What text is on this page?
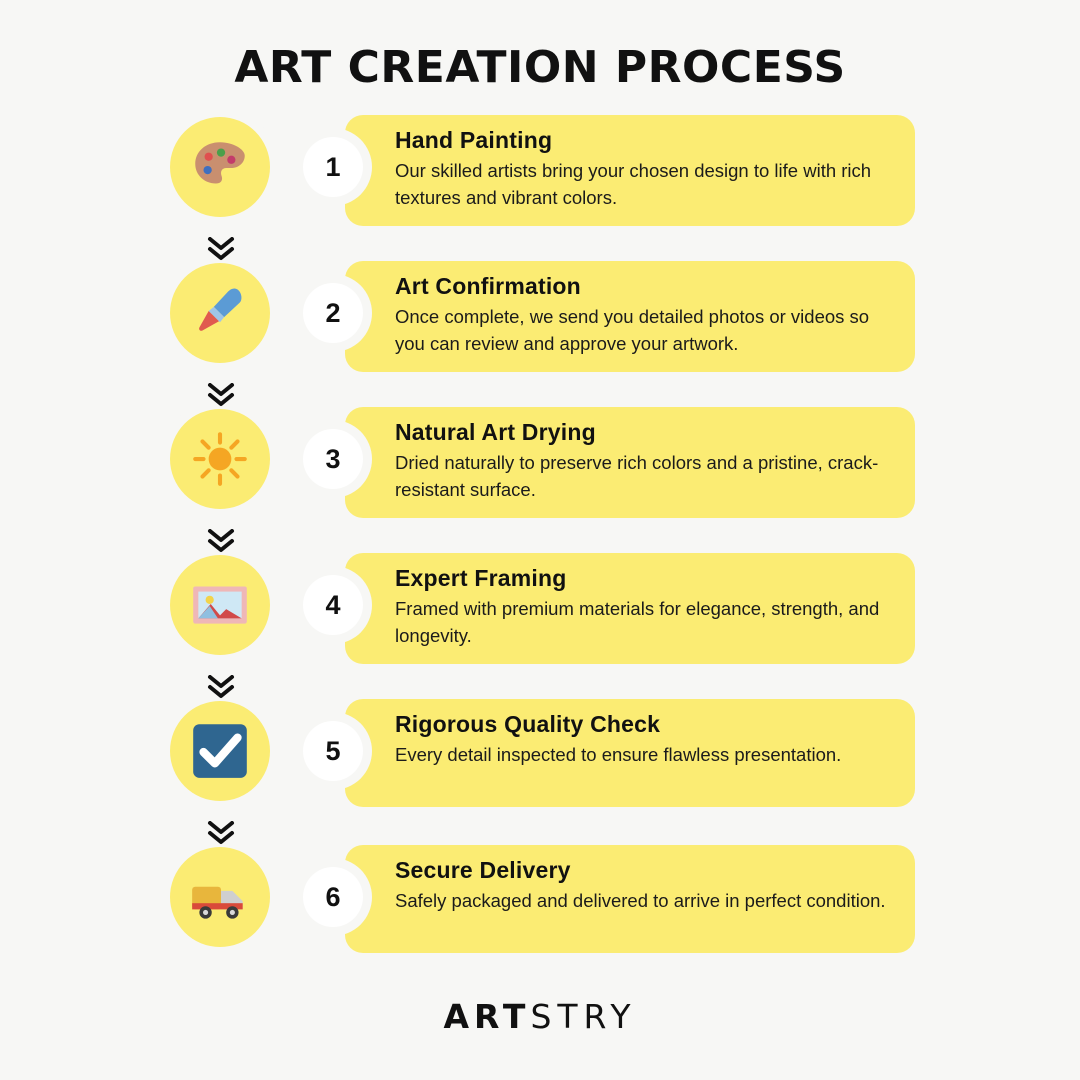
ART CREATION PROCESS
1

Hand Painting

Our skilled artists bring your chosen design to life with rich textures and vibrant colors.

2

Art Confirmation

Once complete, we send you detailed photos or videos so you can review and approve your artwork.

3

Natural Art Drying

Dried naturally to preserve rich colors and a pristine, crack-resistant surface.

4

Expert Framing

Framed with premium materials for elegance, strength, and longevity.

5

Rigorous Quality Check

Every detail inspected to ensure flawless presentation.

6

Secure Delivery

Safely packaged and delivered to arrive in perfect condition.

ARTSTRY
